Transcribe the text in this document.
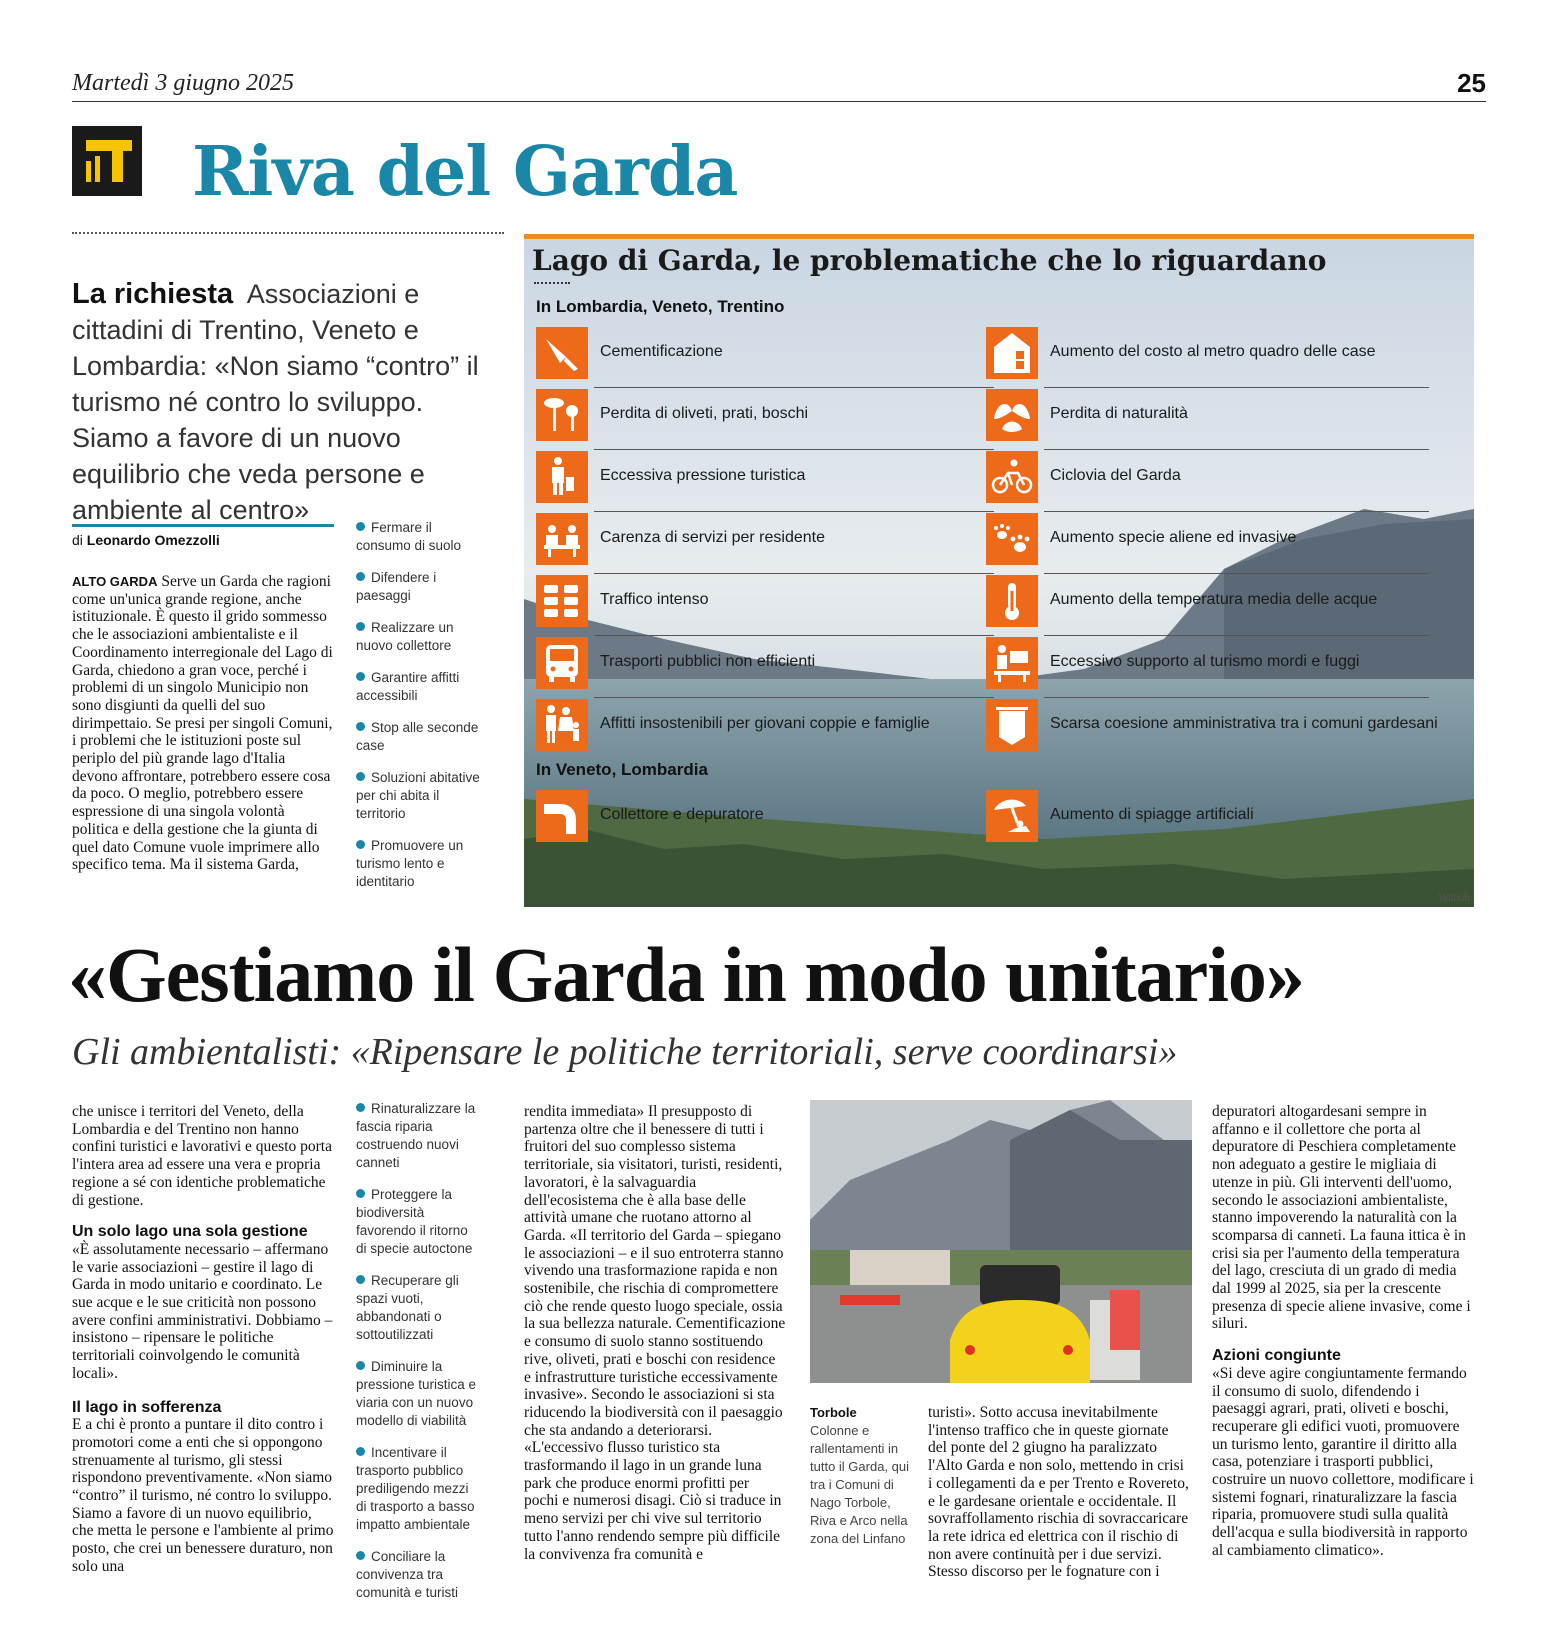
Martedì 3 giugno 2025	25
Riva del Garda
La richiesta Associazioni e cittadini di Trentino, Veneto e Lombardia: «Non siamo “contro” il turismo né contro lo sviluppo. Siamo a favore di un nuovo equilibrio che veda persone e ambiente al centro»
di Leonardo Omezzolli
ALTO GARDA Serve un Garda che ragioni come un'unica grande regione, anche istituzionale. È questo il grido sommesso che le associazioni ambientaliste e il Coordinamento interregionale del Lago di Garda, chiedono a gran voce, perché i problemi di un singolo Municipio non sono disgiunti da quelli del suo dirimpettaio. Se presi per singoli Comuni, i problemi che le istituzioni poste sul periplo del più grande lago d'Italia devono affrontare, potrebbero essere cosa da poco. O meglio, potrebbero essere espressione di una singola volontà politica e della gestione che la giunta di quel dato Comune vuole imprimere allo specifico tema. Ma il sistema Garda,
Fermare il consumo di suolo
Difendere i paesaggi
Realizzare un nuovo collettore
Garantire affitti accessibili
Stop alle seconde case
Soluzioni abitative per chi abita il territorio
Promuovere un turismo lento e identitario
Lago di Garda, le problematiche che lo riguardano
In Lombardia, Veneto, Trentino
Cementificazione
Perdita di oliveti, prati, boschi
Eccessiva pressione turistica
Carenza di servizi per residente
Traffico intenso
Trasporti pubblici non efficienti
Affitti insostenibili per giovani coppie e famiglie
Aumento del costo al metro quadro delle case
Perdita di naturalità
Ciclovia del Garda
Aumento specie aliene ed invasive
Aumento della temperatura media delle acque
Eccessivo supporto al turismo mordi e fuggi
Scarsa coesione amministrativa tra i comuni gardesani
In Veneto, Lombardia
Collettore e depuratore	Aumento di spiagge artificiali
Withub
«Gestiamo il Garda in modo unitario»
Gli ambientalisti: «Ripensare le politiche territoriali, serve coordinarsi»

che unisce i territori del Veneto, della Lombardia e del Trentino non hanno confini turistici e lavorativi e questo porta l'intera area ad essere una vera e propria regione a sé con identiche problematiche di gestione.

Un solo lago una sola gestione

«È assolutamente necessario – affermano le varie associazioni – gestire il lago di Garda in modo unitario e coordinato. Le sue acque e le sue criticità non possono avere confini amministrativi. Dobbiamo – insistono – ripensare le politiche territoriali coinvolgendo le comunità locali».

Il lago in sofferenza

E a chi è pronto a puntare il dito contro i promotori come a enti che si oppongono strenuamente al turismo, gli stessi rispondono preventivamente. «Non siamo “contro” il turismo, né contro lo sviluppo. Siamo a favore di un nuovo equilibrio, che metta le persone e l'ambiente al primo posto, che crei un benessere duraturo, non solo una

Rinaturalizzare la fascia riparia costruendo nuovi canneti
Proteggere la biodiversità favorendo il ritorno di specie autoctone
Recuperare gli spazi vuoti, abbandonati o sottoutilizzati
Diminuire la pressione turistica e viaria con un nuovo modello di viabilità
Incentivare il trasporto pubblico prediligendo mezzi di trasporto a basso impatto ambientale
Conciliare la convivenza tra comunità e turisti

rendita immediata» Il presupposto di partenza oltre che il benessere di tutti i fruitori del suo complesso sistema territoriale, sia visitatori, turisti, residenti, lavoratori, è la salvaguardia dell'ecosistema che è alla base delle attività umane che ruotano attorno al Garda. «Il territorio del Garda – spiegano le associazioni – e il suo entroterra stanno vivendo una trasformazione rapida e non sostenibile, che rischia di compromettere ciò che rende questo luogo speciale, ossia la sua bellezza naturale. Cementificazione e consumo di suolo stanno sostituendo rive, oliveti, prati e boschi con residence e infrastrutture turistiche eccessivamente invasive». Secondo le associazioni si sta riducendo la biodiversità con il paesaggio che sta andando a deteriorarsi. «L'eccessivo flusso turistico sta trasformando il lago in un grande luna park che produce enormi profitti per pochi e numerosi disagi. Ciò si traduce in meno servizi per chi vive sul territorio tutto l'anno rendendo sempre più difficile la convivenza fra comunità e

Torbole
Colonne e rallentamenti in tutto il Garda, qui tra i Comuni di Nago Torbole, Riva e Arco nella zona del Linfano

turisti». Sotto accusa inevitabilmente l'intenso traffico che in queste giornate del ponte del 2 giugno ha paralizzato l'Alto Garda e non solo, mettendo in crisi i collegamenti da e per Trento e Rovereto, e le gardesane orientale e occidentale. Il sovraffollamento rischia di sovraccaricare la rete idrica ed elettrica con il rischio di non avere continuità per i due servizi. Stesso discorso per le fognature con i

depuratori altogardesani sempre in affanno e il collettore che porta al depuratore di Peschiera completamente non adeguato a gestire le migliaia di utenze in più. Gli interventi dell'uomo, secondo le associazioni ambientaliste, stanno impoverendo la naturalità con la scomparsa di canneti. La fauna ittica è in crisi sia per l'aumento della temperatura del lago, cresciuta di un grado di media dal 1999 al 2025, sia per la crescente presenza di specie aliene invasive, come i siluri.

Azioni congiunte

«Si deve agire congiuntamente fermando il consumo di suolo, difendendo i paesaggi agrari, prati, oliveti e boschi, recuperare gli edifici vuoti, promuovere un turismo lento, garantire il diritto alla casa, potenziare i trasporti pubblici, costruire un nuovo collettore, modificare i sistemi fognari, rinaturalizzare la fascia riparia, promuovere studi sulla qualità dell'acqua e sulla biodiversità in rapporto al cambiamento climatico».
